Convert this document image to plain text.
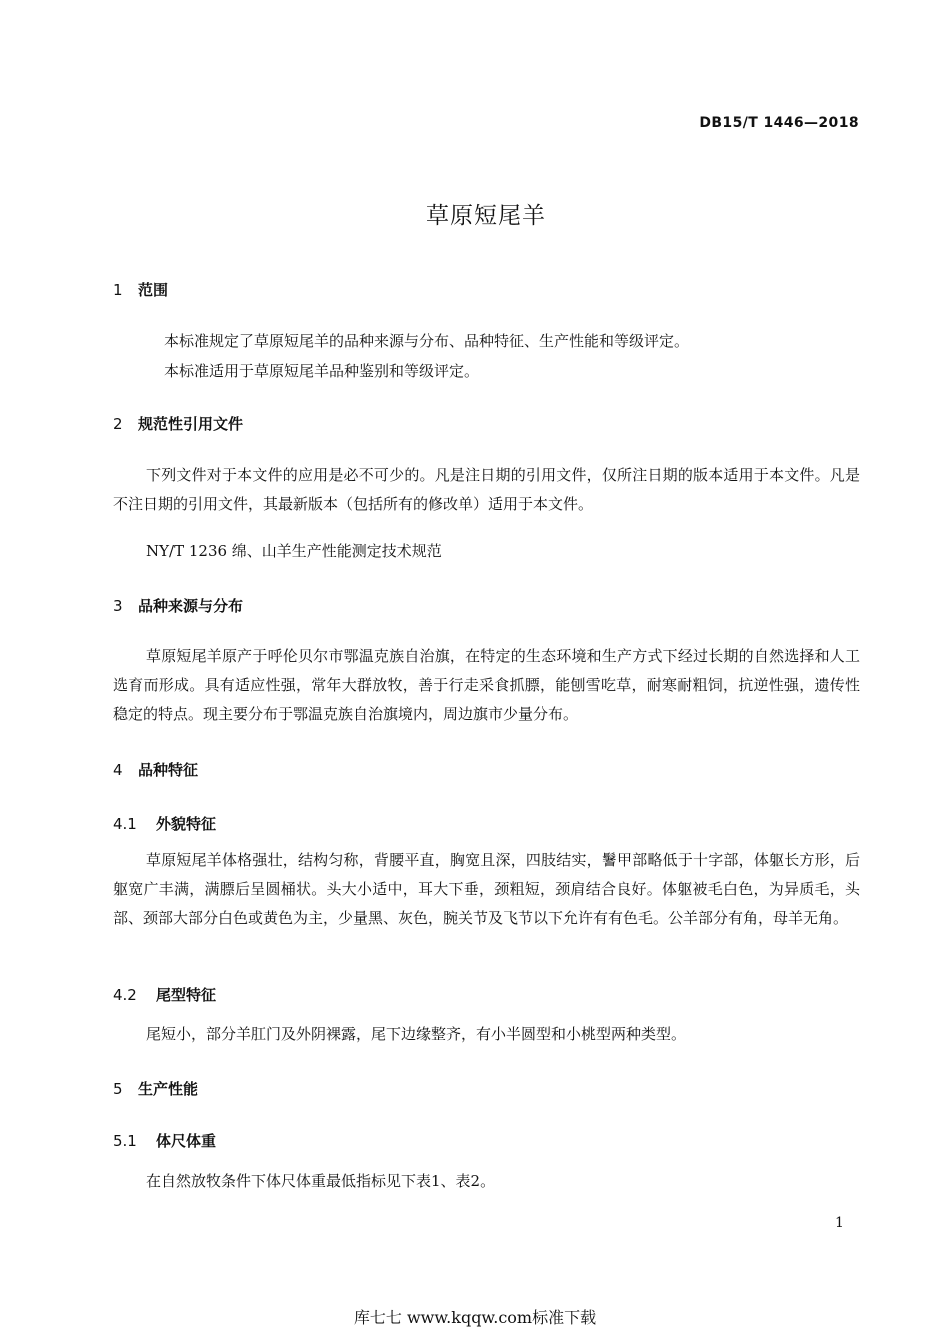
DB15/T 1446—2018
草原短尾羊
1 范围
本标准规定了草原短尾羊的品种来源与分布、品种特征、生产性能和等级评定。
本标准适用于草原短尾羊品种鉴别和等级评定。
2 规范性引用文件
下列文件对于本文件的应用是必不可少的。凡是注日期的引用文件，仅所注日期的版本适用于本文件。凡是不注日期的引用文件，其最新版本（包括所有的修改单）适用于本文件。
NY/T 1236 绵、山羊生产性能测定技术规范
3 品种来源与分布
草原短尾羊原产于呼伦贝尔市鄂温克族自治旗，在特定的生态环境和生产方式下经过长期的自然选择和人工选育而形成。具有适应性强，常年大群放牧，善于行走采食抓膘，能刨雪吃草，耐寒耐粗饲，抗逆性强，遗传性稳定的特点。现主要分布于鄂温克族自治旗境内，周边旗市少量分布。
4 品种特征
4.1 外貌特征
草原短尾羊体格强壮，结构匀称，背腰平直，胸宽且深，四肢结实，鬐甲部略低于十字部，体躯长方形，后躯宽广丰满，满膘后呈圆桶状。头大小适中，耳大下垂，颈粗短，颈肩结合良好。体躯被毛白色，为异质毛，头部、颈部大部分白色或黄色为主，少量黑、灰色，腕关节及飞节以下允许有有色毛。公羊部分有角，母羊无角。
4.2 尾型特征
尾短小，部分羊肛门及外阴裸露，尾下边缘整齐，有小半圆型和小桃型两种类型。
5 生产性能
5.1 体尺体重
在自然放牧条件下体尺体重最低指标见下表1、表2。
1
库七七 www.kqqw.com标准下载
